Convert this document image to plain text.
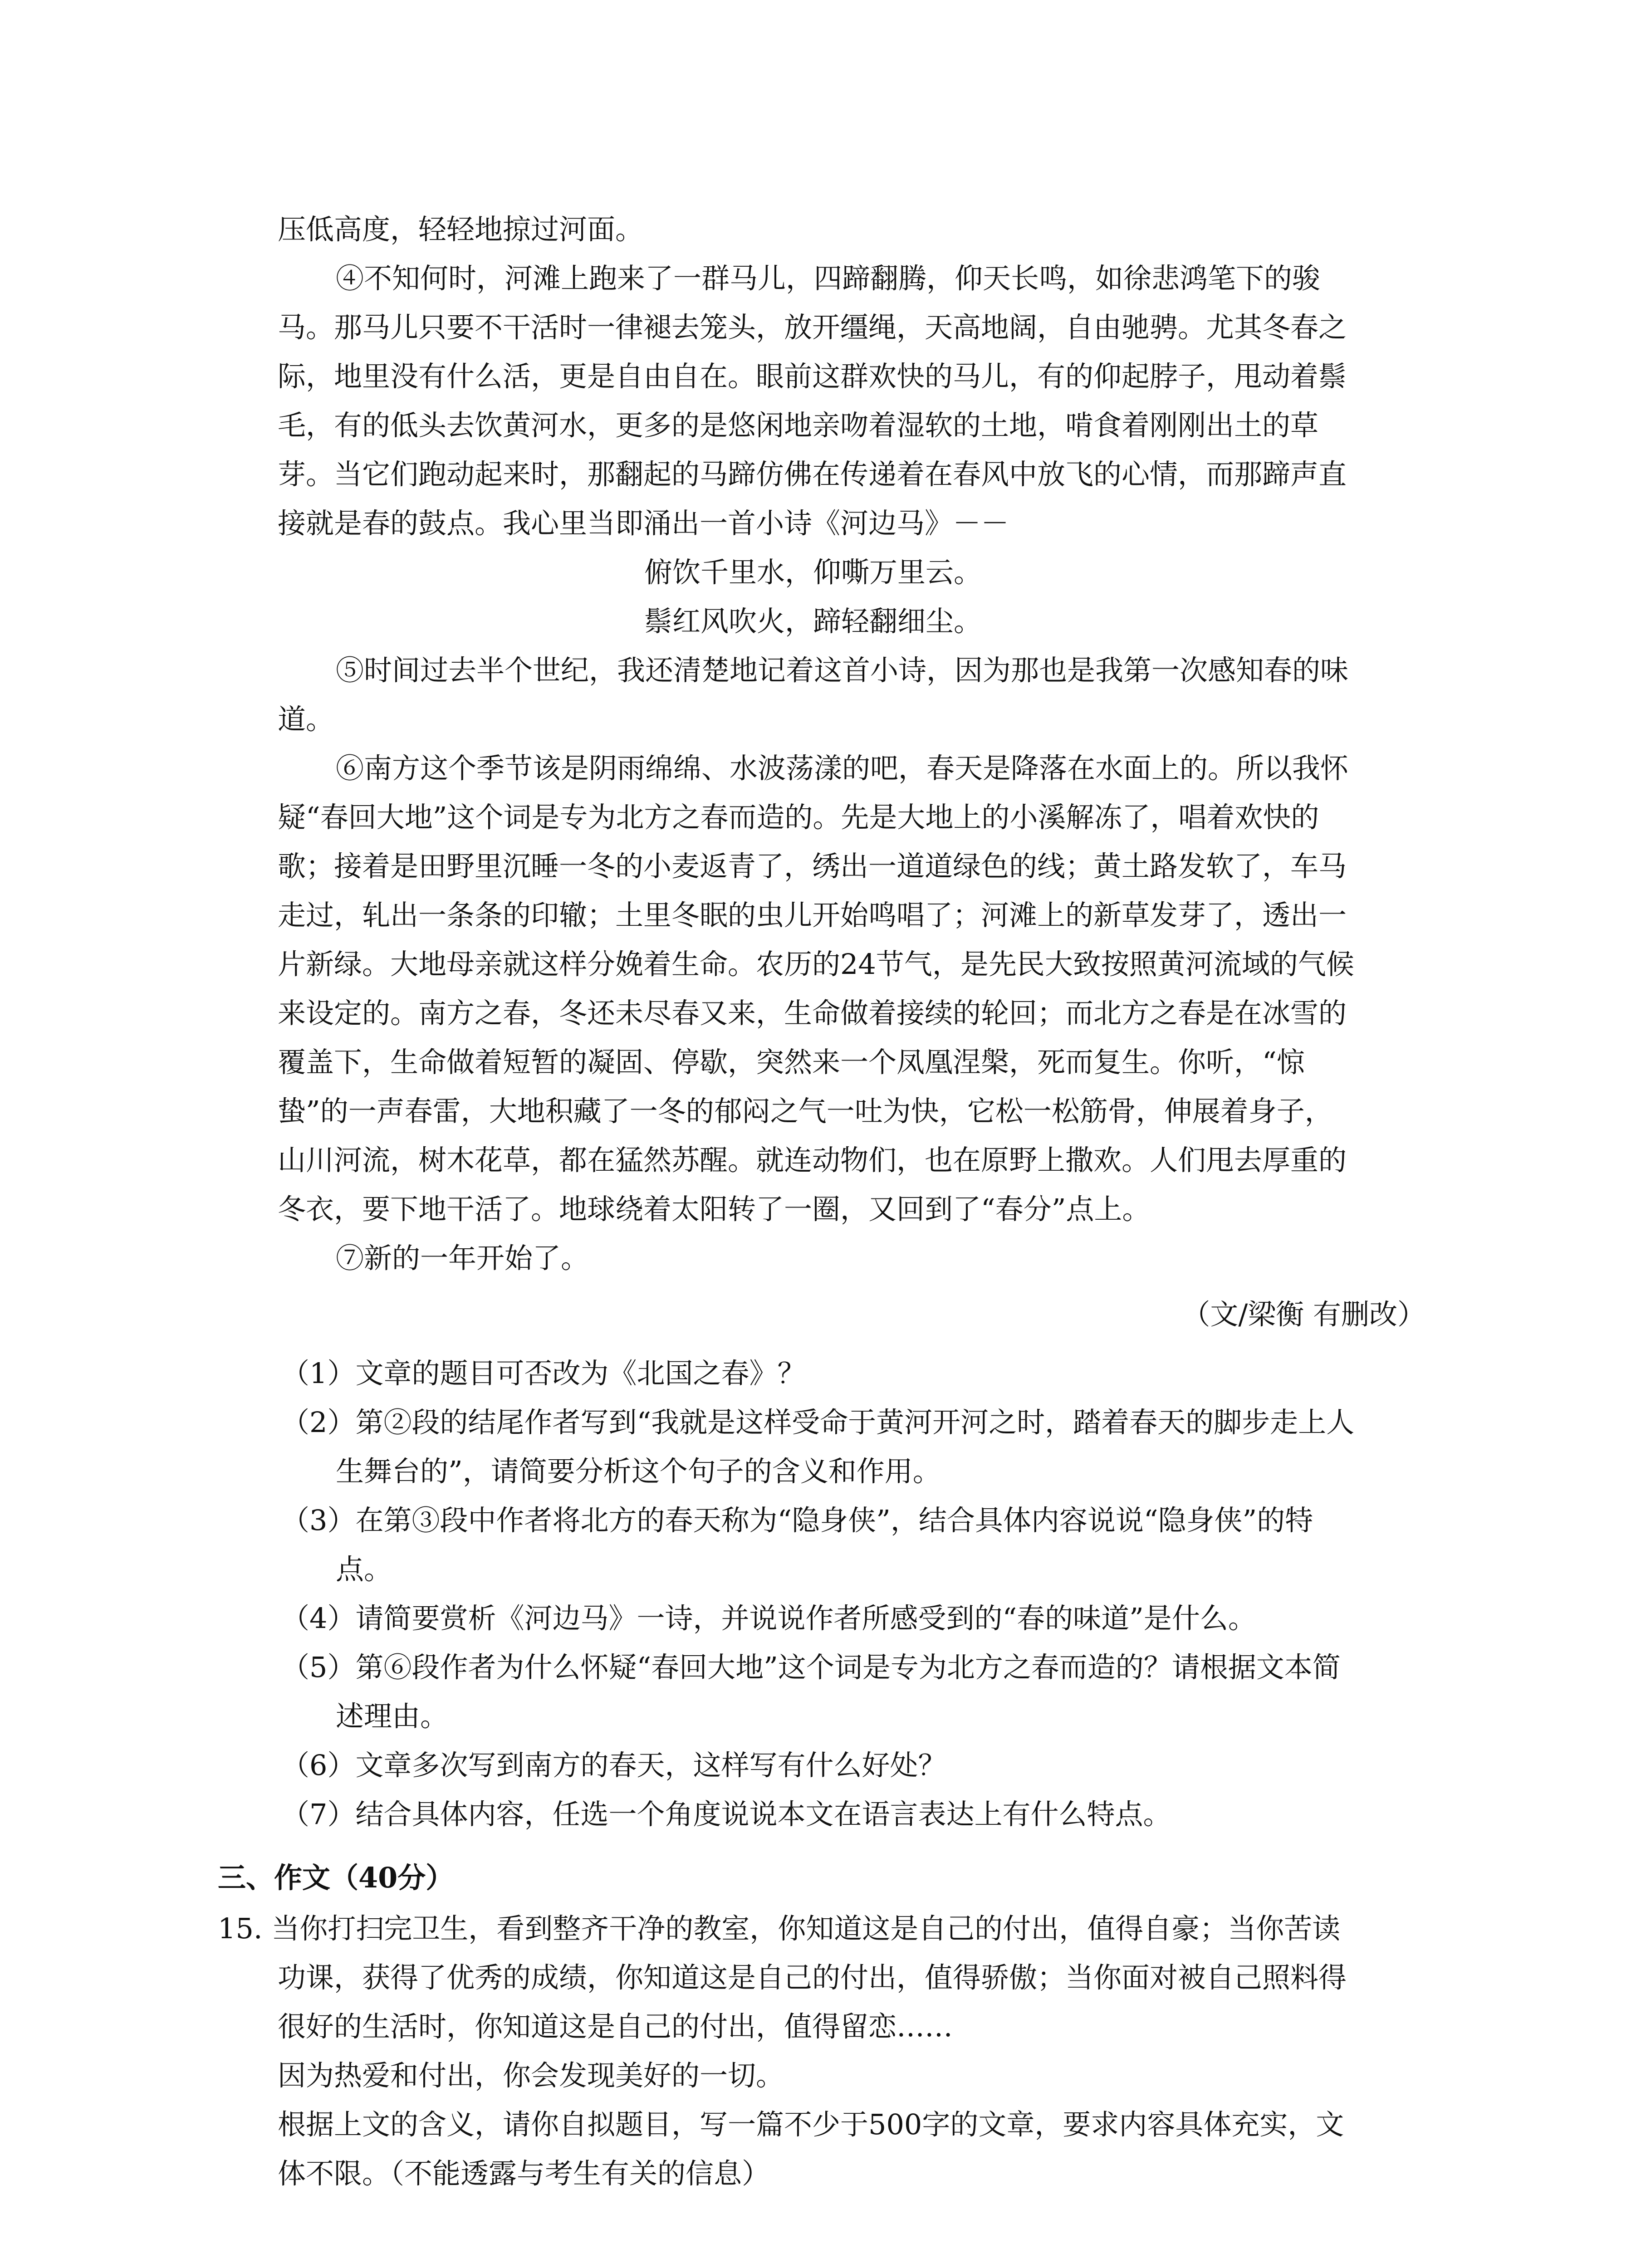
压低高度，轻轻地掠过河面。
④不知何时，河滩上跑来了一群马儿，四蹄翻腾，仰天长鸣，如徐悲鸿笔下的骏
马。那马儿只要不干活时一律褪去笼头，放开缰绳，天高地阔，自由驰骋。尤其冬春之
际，地里没有什么活，更是自由自在。眼前这群欢快的马儿，有的仰起脖子，甩动着鬃
毛，有的低头去饮黄河水，更多的是悠闲地亲吻着湿软的土地，啃食着刚刚出土的草
芽。当它们跑动起来时，那翻起的马蹄仿佛在传递着在春风中放飞的心情，而那蹄声直
接就是春的鼓点。我心里当即涌出一首小诗《河边马》－－
俯饮千里水，仰嘶万里云。
鬃红风吹火，蹄轻翻细尘。
⑤时间过去半个世纪，我还清楚地记着这首小诗，因为那也是我第一次感知春的味
道。
⑥南方这个季节该是阴雨绵绵、水波荡漾的吧，春天是降落在水面上的。所以我怀
疑“春回大地”这个词是专为北方之春而造的。先是大地上的小溪解冻了，唱着欢快的
歌；接着是田野里沉睡一冬的小麦返青了，绣出一道道绿色的线；黄土路发软了，车马
走过，轧出一条条的印辙；土里冬眠的虫儿开始鸣唱了；河滩上的新草发芽了，透出一
片新绿。大地母亲就这样分娩着生命。农历的24节气，是先民大致按照黄河流域的气候
来设定的。南方之春，冬还未尽春又来，生命做着接续的轮回；而北方之春是在冰雪的
覆盖下，生命做着短暂的凝固、停歇，突然来一个凤凰涅槃，死而复生。你听，“惊
蛰”的一声春雷，大地积藏了一冬的郁闷之气一吐为快，它松一松筋骨，伸展着身子，
山川河流，树木花草，都在猛然苏醒。就连动物们，也在原野上撒欢。人们甩去厚重的
冬衣，要下地干活了。地球绕着太阳转了一圈，又回到了“春分”点上。
⑦新的一年开始了。
（文/梁衡 有删改）
（1）文章的题目可否改为《北国之春》？
（2）第②段的结尾作者写到“我就是这样受命于黄河开河之时，踏着春天的脚步走上人
生舞台的”，请简要分析这个句子的含义和作用。
（3）在第③段中作者将北方的春天称为“隐身侠”，结合具体内容说说“隐身侠”的特
点。
（4）请简要赏析《河边马》一诗，并说说作者所感受到的“春的味道”是什么。
（5）第⑥段作者为什么怀疑“春回大地”这个词是专为北方之春而造的？请根据文本简
述理由。
（6）文章多次写到南方的春天，这样写有什么好处？
（7）结合具体内容，任选一个角度说说本文在语言表达上有什么特点。
三、作文（40分）
15. 当你打扫完卫生，看到整齐干净的教室，你知道这是自己的付出，值得自豪；当你苦读
功课，获得了优秀的成绩，你知道这是自己的付出，值得骄傲；当你面对被自己照料得
很好的生活时，你知道这是自己的付出，值得留恋……
因为热爱和付出，你会发现美好的一切。
根据上文的含义，请你自拟题目，写一篇不少于500字的文章，要求内容具体充实，文
体不限。（不能透露与考生有关的信息）
